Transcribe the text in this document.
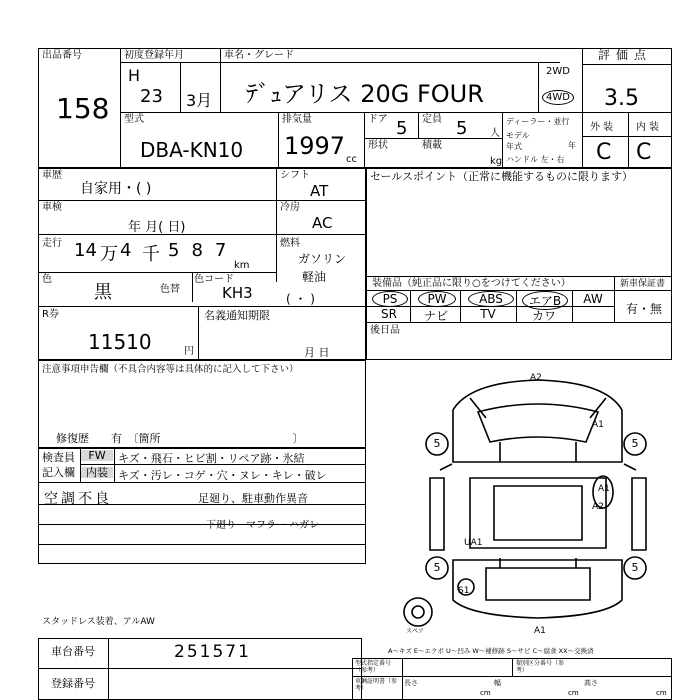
出品番号
158
初度登録年月
H
23 3月
車名・グレード
ﾃﾞｭアリス 20G FOUR
2WD
4WD
評価点
3.5
型式
DBA-KN10
排気量
1997 cc
ドア 5 定員 5 人
形状	積載
kg
ディーラー・並行
モデル年式	年
ハンドル 左・右
外装 内装
C C
車歴
自家用・( )
シフト
AT
車検
年 月( 日)
冷房
AC
走行 14 万 4 千 587
km
燃料
ガソリン
軽油
( ・ )
色
黒	色替
色コード
KH3
R券
11510	円
名義通知期限
月 日
セールスポイント（正常に機能するものに限ります）
装備品（純正品に限り○をつけてください）	新車保証書
有・無
PS	PW	ABS	エアB	AW
SR	ナビ	TV	カワ
後日品
注意事項申告欄（不具合内容等は具体的に記入して下さい）
修復歴　　有　〔箇所　　　　　　　　　　　　〕
検査員
記入欄
FW	キズ・飛石・ヒビ割・リペア跡・氷結
内装 キズ・汚レ・コゲ・穴・ヌレ・キレ・破レ
空調不良	足廻り、駐車動作異音
下廻り　マフラー ハガレ
スタッドレス装着、アルAW
A2
A1
A1
A2
UA1
S1
A1
5	5
5	5
スペア
A～キズ E～エクボ U～凹み W～補修跡 S～サビ C～腐食 XX～交換済
車台番号	251571
登録番号
型式指定番号（参考）
類別区分番号（参考）
車輌証明書（参考）
長さ
cm
幅
cm
高さ
cm
